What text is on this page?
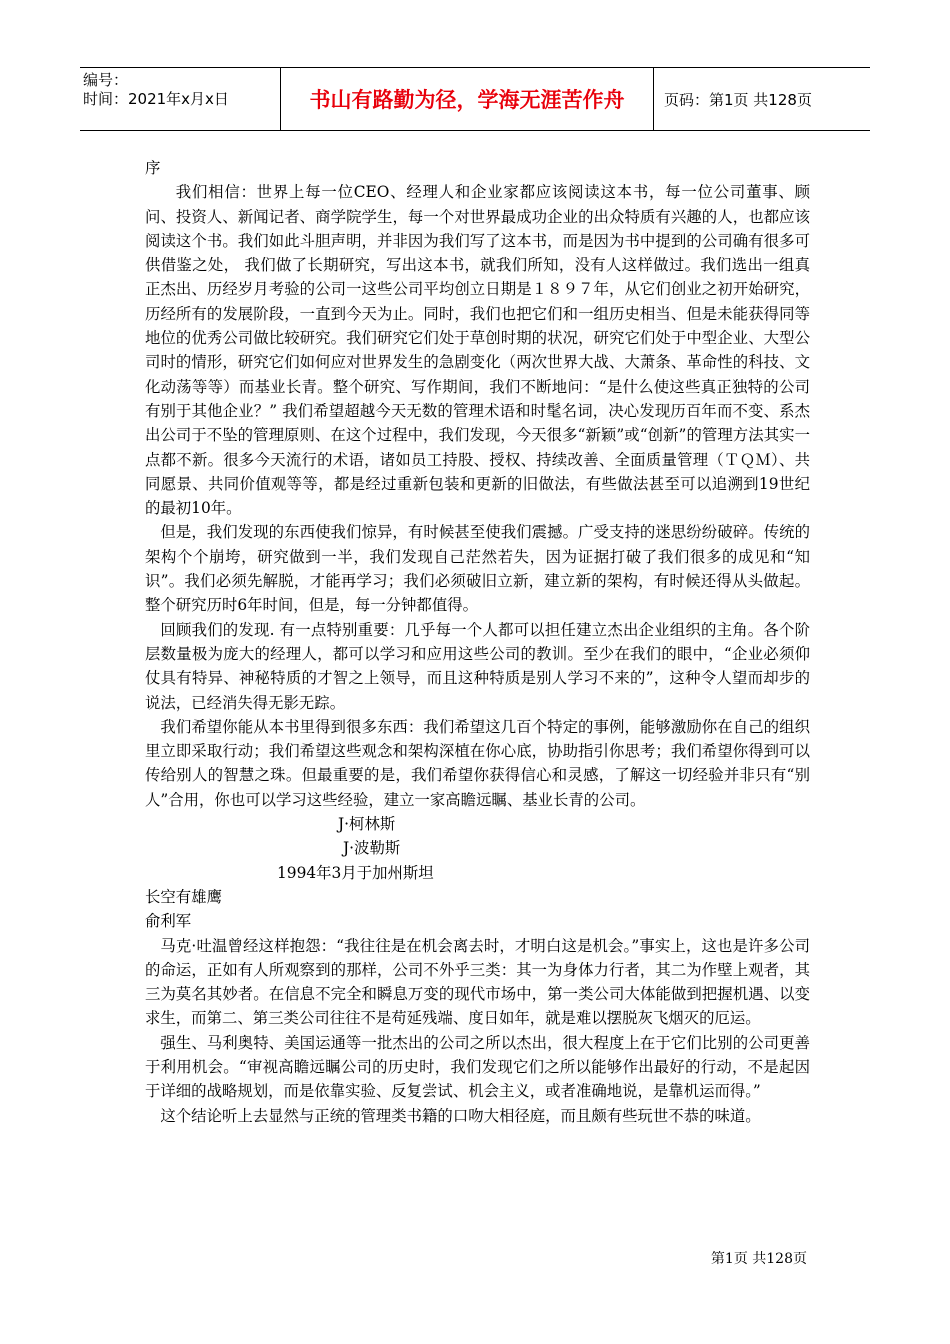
编号：
时间：2021年x月x日	书山有路勤为径，学海无涯苦作舟	页码：第1页 共128页

序

我们相信：世界上每一位CEO、经理人和企业家都应该阅读这本书，每一位公司董事、顾问、投资人、新闻记者、商学院学生，每一个对世界最成功企业的出众特质有兴趣的人，也都应该阅读这个书。我们如此斗胆声明，并非因为我们写了这本书，而是因为书中提到的公司确有很多可供借鉴之处， 我们做了长期研究，写出这本书，就我们所知，没有人这样做过。我们选出一组真正杰出、历经岁月考验的公司一这些公司平均创立日期是１８９７年，从它们创业之初开始研究，历经所有的发展阶段，一直到今天为止。同时，我们也把它们和一组历史相当、但是未能获得同等地位的优秀公司做比较研究。我们研究它们处于草创时期的状况，研究它们处于中型企业、大型公司时的情形，研究它们如何应对世界发生的急剧变化（两次世界大战、大萧条、革命性的科技、文化动荡等等）而基业长青。整个研究、写作期间，我们不断地问：“是什么使这些真正独特的公司有别于其他企业？” 我们希望超越今天无数的管理术语和时髦名词，决心发现历百年而不变、系杰出公司于不坠的管理原则、在这个过程中，我们发现，今天很多“新颖”或“创新”的管理方法其实一点都不新。很多今天流行的术语，诸如员工持股、授权、持续改善、全面质量管理（ＴＱＭ）、共同愿景、共同价值观等等，都是经过重新包装和更新的旧做法，有些做法甚至可以追溯到19世纪的最初10年。

但是，我们发现的东西使我们惊异，有时候甚至使我们震撼。广受支持的迷思纷纷破碎。传统的架构个个崩垮，研究做到一半，我们发现自己茫然若失，因为证据打破了我们很多的成见和“知识”。我们必须先解脱，才能再学习；我们必须破旧立新，建立新的架构，有时候还得从头做起。整个研究历时6年时间，但是，每一分钟都值得。

回顾我们的发现. 有一点特别重要：几乎每一个人都可以担任建立杰出企业组织的主角。各个阶层数量极为庞大的经理人，都可以学习和应用这些公司的教训。至少在我们的眼中，“企业必须仰仗具有特异、神秘特质的才智之上领导，而且这种特质是别人学习不来的”，这种令人望而却步的说法，已经消失得无影无踪。

我们希望你能从本书里得到很多东西：我们希望这几百个特定的事例，能够激励你在自己的组织里立即采取行动；我们希望这些观念和架构深植在你心底，协助指引你思考；我们希望你得到可以传给别人的智慧之珠。但最重要的是，我们希望你获得信心和灵感，了解这一切经验并非只有“别人”合用，你也可以学习这些经验，建立一家高瞻远瞩、基业长青的公司。

J·柯林斯

J·波勒斯

1994年3月于加州斯坦

长空有雄鹰

俞利军

马克·吐温曾经这样抱怨：“我往往是在机会离去时，才明白这是机会。”事实上，这也是许多公司的命运，正如有人所观察到的那样，公司不外乎三类：其一为身体力行者，其二为作壁上观者，其三为莫名其妙者。在信息不完全和瞬息万变的现代市场中，第一类公司大体能做到把握机遇、以变求生，而第二、第三类公司往往不是苟延残端、度日如年，就是难以摆脱灰飞烟灭的厄运。

强生、马利奥特、美国运通等一批杰出的公司之所以杰出，很大程度上在于它们比别的公司更善于利用机会。“审视高瞻远瞩公司的历史时，我们发现它们之所以能够作出最好的行动，不是起因于详细的战略规划，而是依靠实验、反复尝试、机会主义，或者准确地说，是靠机运而得。”

这个结论听上去显然与正统的管理类书籍的口吻大相径庭，而且颇有些玩世不恭的味道。

第1页 共128页
